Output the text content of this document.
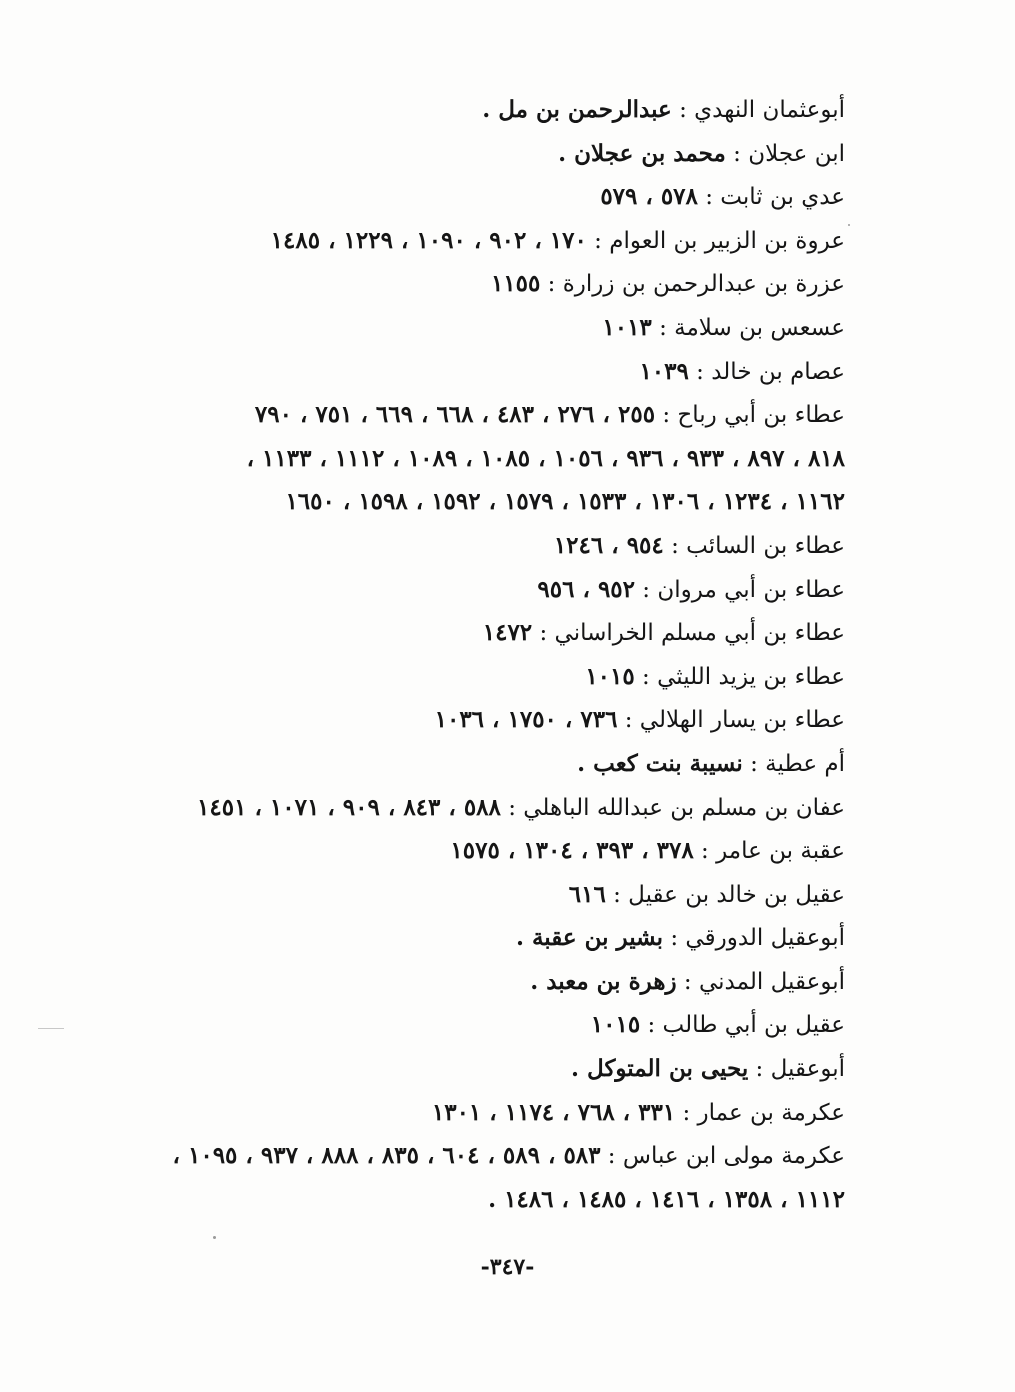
أبوعثمان النهدي : عبدالرحمن بن مل .
ابن عجلان : محمد بن عجلان .
عدي بن ثابت : ٥٧٨ ، ٥٧٩
عروة بن الزبير بن العوام : ١٧٠ ، ٩٠٢ ، ١٠٩٠ ، ١٢٢٩ ، ١٤٨٥
عزرة بن عبدالرحمن بن زرارة : ١١٥٥
عسعس بن سلامة : ١٠١٣
عصام بن خالد : ١٠٣٩
عطاء بن أبي رباح : ٢٥٥ ، ٢٧٦ ، ٤٨٣ ، ٦٦٨ ، ٦٦٩ ، ٧٥١ ، ٧٩٠
٨١٨ ، ٨٩٧ ، ٩٣٣ ، ٩٣٦ ، ١٠٥٦ ، ١٠٨٥ ، ١٠٨٩ ، ١١١٢ ، ١١٣٣ ،
١١٦٢ ، ١٢٣٤ ، ١٣٠٦ ، ١٥٣٣ ، ١٥٧٩ ، ١٥٩٢ ، ١٥٩٨ ، ١٦٥٠
عطاء بن السائب : ٩٥٤ ، ١٢٤٦
عطاء بن أبي مروان : ٩٥٢ ، ٩٥٦
عطاء بن أبي مسلم الخراساني : ١٤٧٢
عطاء بن يزيد الليثي : ١٠١٥
عطاء بن يسار الهلالي : ٧٣٦ ، ١٧٥٠ ، ١٠٣٦
أم عطية : نسيبة بنت كعب .
عفان بن مسلم بن عبدالله الباهلي : ٥٨٨ ، ٨٤٣ ، ٩٠٩ ، ١٠٧١ ، ١٤٥١
عقبة بن عامر : ٣٧٨ ، ٣٩٣ ، ١٣٠٤ ، ١٥٧٥
عقيل بن خالد بن عقيل : ٦١٦
أبوعقيل الدورقي : بشير بن عقبة .
أبوعقيل المدني : زهرة بن معبد .
عقيل بن أبي طالب : ١٠١٥
أبوعقيل : يحيى بن المتوكل .
عكرمة بن عمار : ٣٣١ ، ٧٦٨ ، ١١٧٤ ، ١٣٠١
عكرمة مولى ابن عباس : ٥٨٣ ، ٥٨٩ ، ٦٠٤ ، ٨٣٥ ، ٨٨٨ ، ٩٣٧ ، ١٠٩٥ ،
١١١٢ ، ١٣٥٨ ، ١٤١٦ ، ١٤٨٥ ، ١٤٨٦ .
-٣٤٧-
